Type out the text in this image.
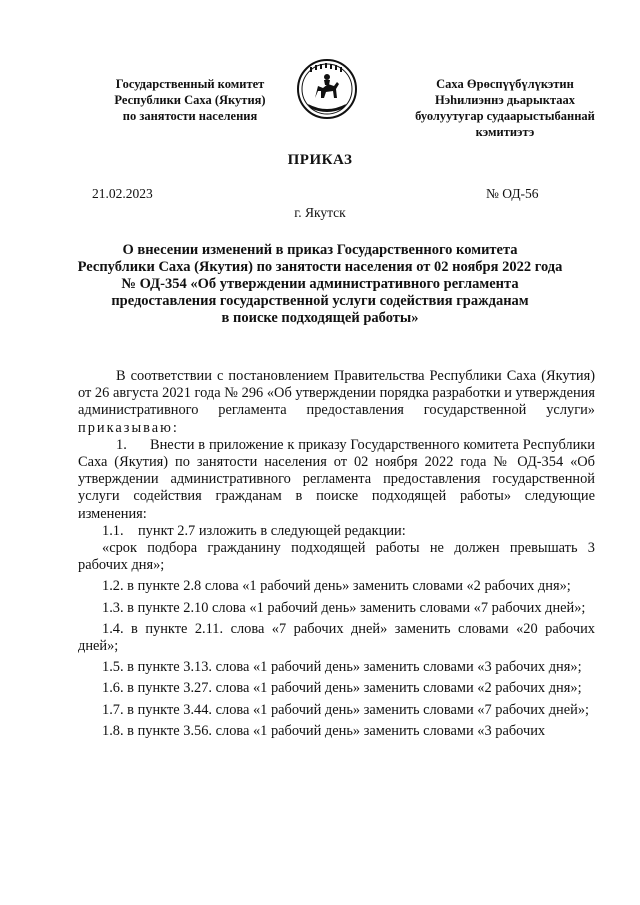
Государственный комитет
Республики Саха (Якутия)
по занятости населения
Саха Өрөспүүбүлүкэтин
Нэһилиэннэ дьарыктаах
буолуутугар судаарыстыбаннай
кэмитиэтэ
ПРИКАЗ
21.02.2023	№ ОД-56
г. Якутск
О внесении изменений в приказ Государственного комитета
Республики Саха (Якутия) по занятости населения от 02 ноября 2022 года
№ ОД-354 «Об утверждении административного регламента
предоставления государственной услуги содействия гражданам
в поиске подходящей работы»

В соответствии с постановлением Правительства Республики Саха (Якутия) от 26 августа 2021 года № 296 «Об утверждении порядка разработки и утверждения административного регламента предоставления государственной услуги» приказываю:

1.      Внести в приложение к приказу Государственного комитета Республики Саха (Якутия) по занятости населения от 02 ноября 2022 года № ОД-354 «Об утверждении административного регламента предоставления государственной услуги содействия гражданам в поиске подходящей работы» следующие изменения:

1.1.    пункт 2.7 изложить в следующей редакции:

«срок подбора гражданину подходящей работы не должен превышать 3 рабочих дня»;

1.2. в пункте 2.8 слова «1 рабочий день» заменить словами «2 рабочих дня»;

1.3. в пункте 2.10 слова «1 рабочий день» заменить словами «7 рабочих дней»;

1.4. в пункте 2.11. слова «7 рабочих дней» заменить словами «20 рабочих дней»;

1.5. в пункте 3.13. слова «1 рабочий день» заменить словами «3 рабочих дня»;

1.6. в пункте 3.27. слова «1 рабочий день» заменить словами «2 рабочих дня»;

1.7. в пункте 3.44. слова «1 рабочий день» заменить словами «7 рабочих дней»;

1.8. в пункте 3.56. слова «1 рабочий день» заменить словами «3 рабочих
